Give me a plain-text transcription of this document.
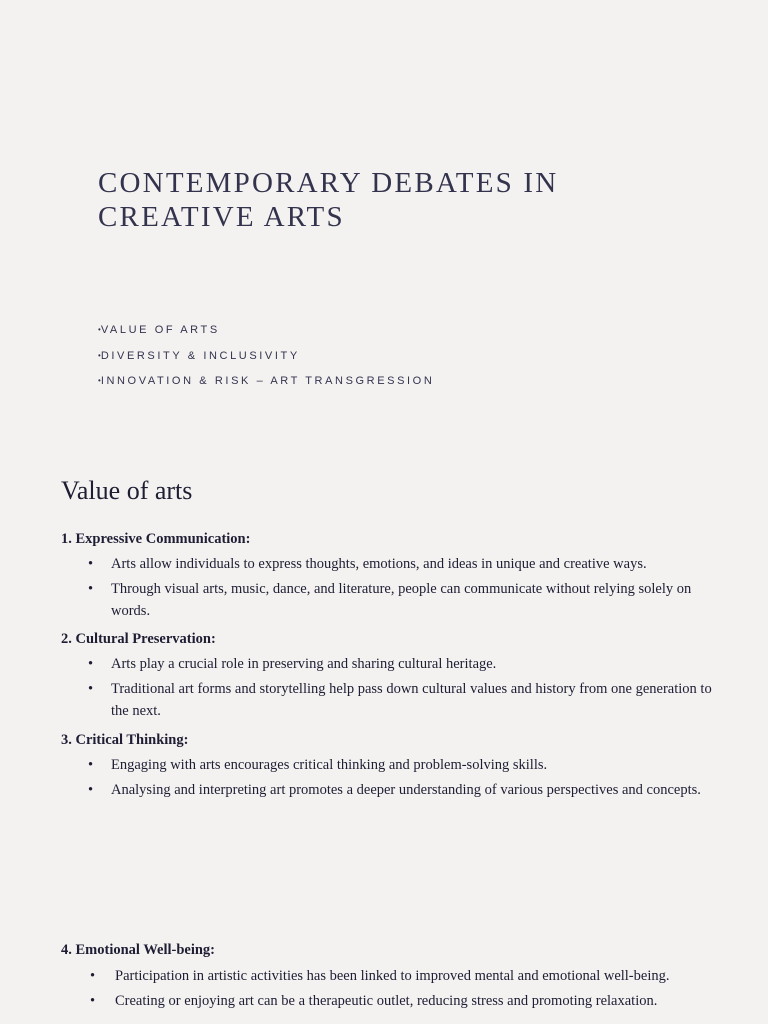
CONTEMPORARY DEBATES IN
CREATIVE ARTS
•VALUE OF ARTS
•DIVERSITY & INCLUSIVITY
•INNOVATION & RISK – ART TRANSGRESSION
Value of arts
1. Expressive Communication:
• Arts allow individuals to express thoughts, emotions, and ideas in unique and creative ways.
• Through visual arts, music, dance, and literature, people can communicate without relying solely on words.
2. Cultural Preservation:
• Arts play a crucial role in preserving and sharing cultural heritage.
• Traditional art forms and storytelling help pass down cultural values and history from one generation to the next.
3. Critical Thinking:
• Engaging with arts encourages critical thinking and problem-solving skills.
• Analysing and interpreting art promotes a deeper understanding of various perspectives and concepts.
4. Emotional Well-being:
• Participation in artistic activities has been linked to improved mental and emotional well-being.
• Creating or enjoying art can be a therapeutic outlet, reducing stress and promoting relaxation.
